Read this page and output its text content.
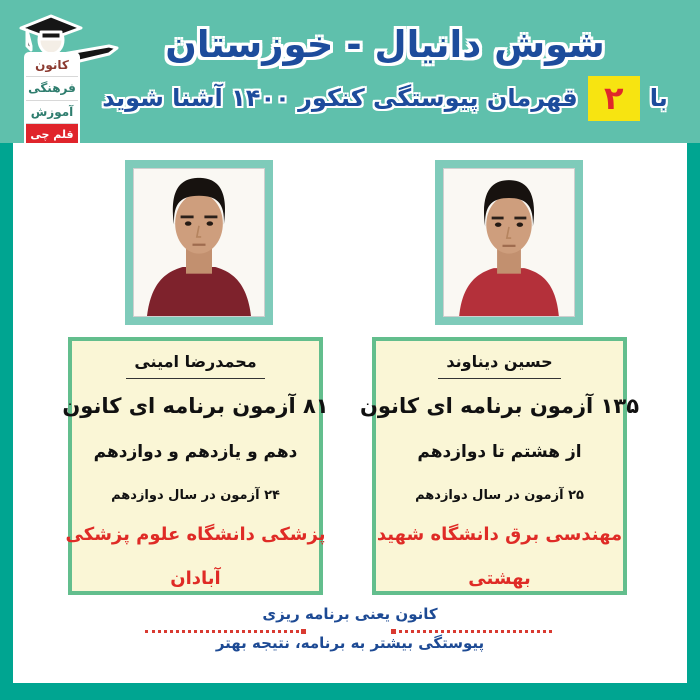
کانون
فرهنگی
آموزش
قلم چی
شوش دانیال - خوزستان
با
۲
قهرمان پیوستگی کنکور ۱۴۰۰ آشنا شوید
حسین دیناوند
۱۳۵ آزمون برنامه ای کانون
از هشتم تا دوازدهم
۲۵ آزمون در سال دوازدهم
مهندسی برق دانشگاه شهید
بهشتی
محمدرضا امینی
۸۱ آزمون برنامه ای کانون
دهم و یازدهم و دوازدهم
۲۴ آزمون در سال دوازدهم
پزشکی دانشگاه علوم پزشکی
آبادان
کانون یعنی برنامه ریزی
پیوستگی بیشتر به برنامه، نتیجه بهتر
